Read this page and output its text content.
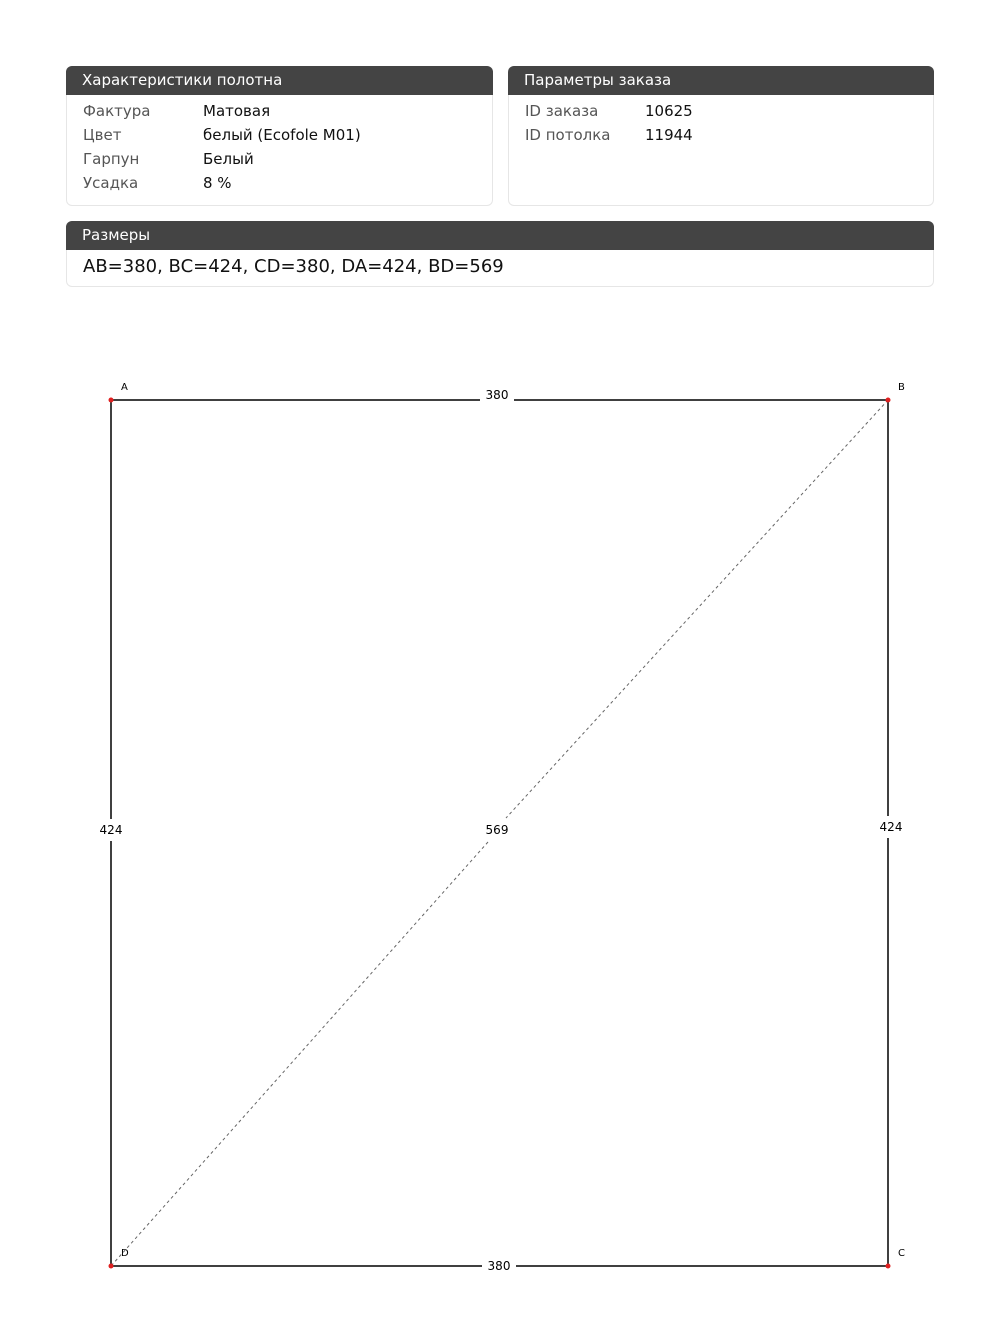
Характеристики полотна
Фактура	Матовая
Цвет	белый (Ecofole M01)
Гарпун	Белый
Усадка	8 %
Параметры заказа
ID заказа	10625
ID потолка 11944
Размеры
AB=380, BC=424, CD=380, DA=424, BD=569
A	B
C
D
380
424
380
424	569
